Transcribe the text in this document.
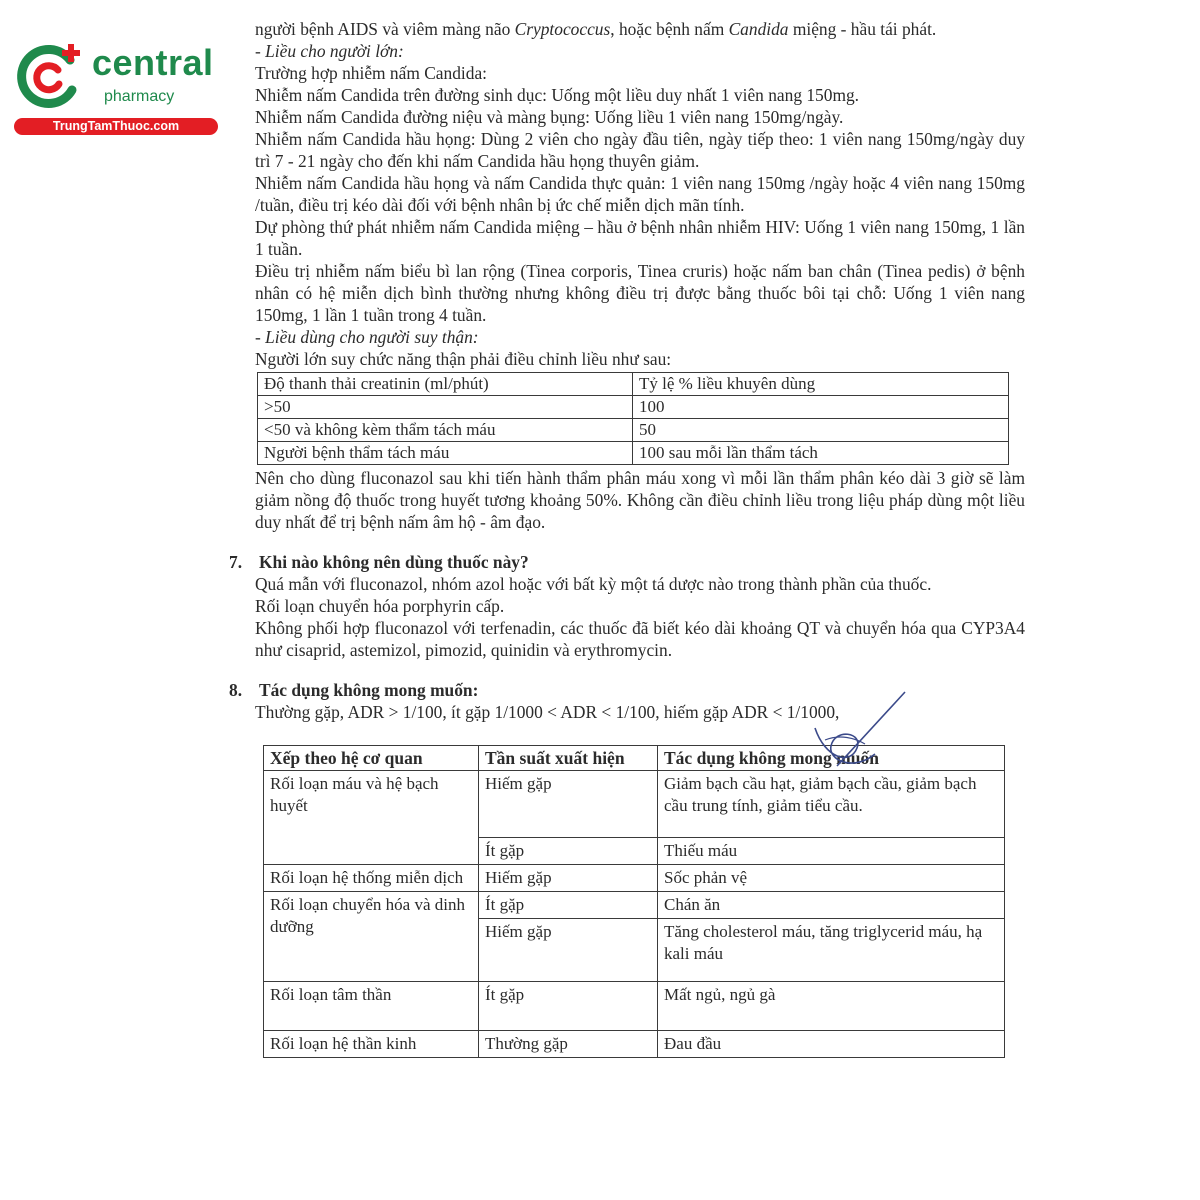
central
pharmacy
TrungTamThuoc.com

người bệnh AIDS và viêm màng não Cryptococcus, hoặc bệnh nấm Candida miệng - hầu tái phát.

- Liều cho người lớn:

Trường hợp nhiễm nấm Candida:

Nhiễm nấm Candida trên đường sinh dục: Uống một liều duy nhất 1 viên nang 150mg.

Nhiễm nấm Candida đường niệu và màng bụng: Uống liều 1 viên nang 150mg/ngày.

Nhiễm nấm Candida hầu họng: Dùng 2 viên cho ngày đầu tiên, ngày tiếp theo: 1 viên nang 150mg/ngày duy trì 7 - 21 ngày cho đến khi nấm Candida hầu họng thuyên giảm.

Nhiễm nấm Candida hầu họng và nấm Candida thực quản: 1 viên nang 150mg /ngày hoặc 4 viên nang 150mg /tuần, điều trị kéo dài đối với bệnh nhân bị ức chế miễn dịch mãn tính.

Dự phòng thứ phát nhiễm nấm Candida miệng – hầu ở bệnh nhân nhiễm HIV: Uống 1 viên nang 150mg, 1 lần 1 tuần.

Điều trị nhiễm nấm biểu bì lan rộng (Tinea corporis, Tinea cruris) hoặc nấm ban chân (Tinea pedis) ở bệnh nhân có hệ miễn dịch bình thường nhưng không điều trị được bằng thuốc bôi tại chỗ: Uống 1 viên nang 150mg, 1 lần 1 tuần trong 4 tuần.

- Liều dùng cho người suy thận:

Người lớn suy chức năng thận phải điều chỉnh liều như sau:

Độ thanh thải creatinin (ml/phút)	Tỷ lệ % liều khuyên dùng
>50	100
<50 và không kèm thẩm tách máu	50
Người bệnh thẩm tách máu	100 sau mỗi lần thẩm tách

Nên cho dùng fluconazol sau khi tiến hành thẩm phân máu xong vì mỗi lần thẩm phân kéo dài 3 giờ sẽ làm giảm nồng độ thuốc trong huyết tương khoảng 50%. Không cần điều chỉnh liều trong liệu pháp dùng một liều duy nhất để trị bệnh nấm âm hộ - âm đạo.

7. Khi nào không nên dùng thuốc này?

Quá mẫn với fluconazol, nhóm azol hoặc với bất kỳ một tá dược nào trong thành phần của thuốc.

Rối loạn chuyển hóa porphyrin cấp.

Không phối hợp fluconazol với terfenadin, các thuốc đã biết kéo dài khoảng QT và chuyển hóa qua CYP3A4 như cisaprid, astemizol, pimozid, quinidin và erythromycin.

8. Tác dụng không mong muốn:

Thường gặp, ADR > 1/100, ít gặp 1/1000 < ADR < 1/100, hiếm gặp ADR < 1/1000,

Xếp theo hệ cơ quan	Tần suất xuất hiện	Tác dụng không mong muốn
Rối loạn máu và hệ bạch huyết	Hiếm gặp	Giảm bạch cầu hạt, giảm bạch cầu, giảm bạch cầu trung tính, giảm tiểu cầu.
	Ít gặp	Thiếu máu
Rối loạn hệ thống miễn dịch	Hiếm gặp	Sốc phản vệ
Rối loạn chuyển hóa và dinh dưỡng	Ít gặp	Chán ăn
	Hiếm gặp	Tăng cholesterol máu, tăng triglycerid máu, hạ kali máu
Rối loạn tâm thần	Ít gặp	Mất ngủ, ngủ gà
Rối loạn hệ thần kinh	Thường gặp	Đau đầu
